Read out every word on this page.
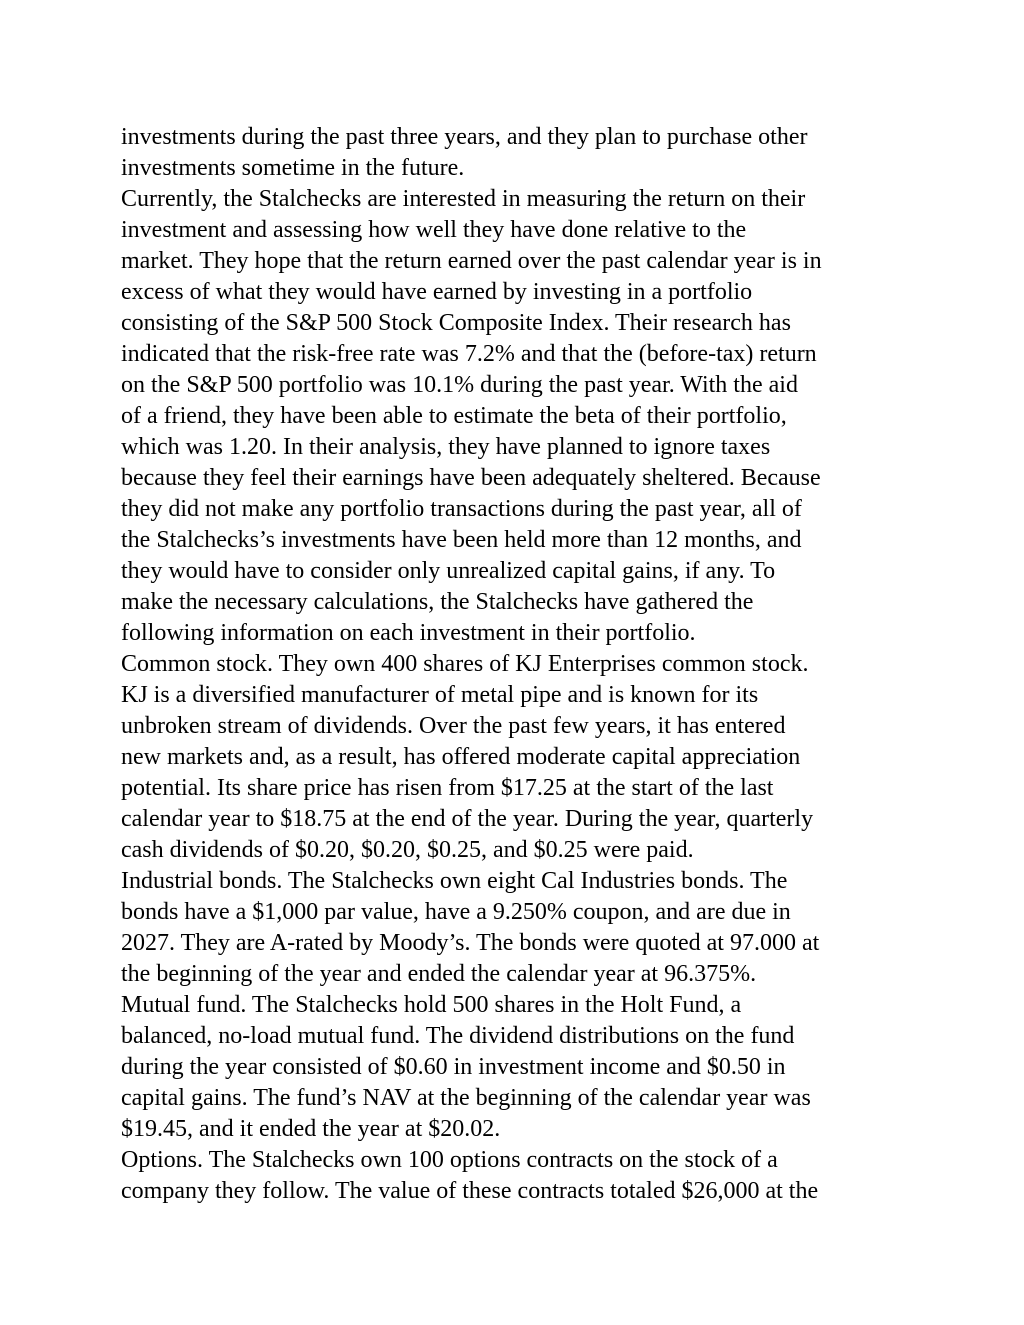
investments during the past three years, and they plan to purchase other
investments sometime in the future.
Currently, the Stalchecks are interested in measuring the return on their
investment and assessing how well they have done relative to the
market. They hope that the return earned over the past calendar year is in
excess of what they would have earned by investing in a portfolio
consisting of the S&P 500 Stock Composite Index. Their research has
indicated that the risk-free rate was 7.2% and that the (before-tax) return
on the S&P 500 portfolio was 10.1% during the past year. With the aid
of a friend, they have been able to estimate the beta of their portfolio,
which was 1.20. In their analysis, they have planned to ignore taxes
because they feel their earnings have been adequately sheltered. Because
they did not make any portfolio transactions during the past year, all of
the Stalchecks’s investments have been held more than 12 months, and
they would have to consider only unrealized capital gains, if any. To
make the necessary calculations, the Stalchecks have gathered the
following information on each investment in their portfolio.
Common stock. They own 400 shares of KJ Enterprises common stock.
KJ is a diversified manufacturer of metal pipe and is known for its
unbroken stream of dividends. Over the past few years, it has entered
new markets and, as a result, has offered moderate capital appreciation
potential. Its share price has risen from $17.25 at the start of the last
calendar year to $18.75 at the end of the year. During the year, quarterly
cash dividends of $0.20, $0.20, $0.25, and $0.25 were paid.
Industrial bonds. The Stalchecks own eight Cal Industries bonds. The
bonds have a $1,000 par value, have a 9.250% coupon, and are due in
2027. They are A-rated by Moody’s. The bonds were quoted at 97.000 at
the beginning of the year and ended the calendar year at 96.375%.
Mutual fund. The Stalchecks hold 500 shares in the Holt Fund, a
balanced, no-load mutual fund. The dividend distributions on the fund
during the year consisted of $0.60 in investment income and $0.50 in
capital gains. The fund’s NAV at the beginning of the calendar year was
$19.45, and it ended the year at $20.02.
Options. The Stalchecks own 100 options contracts on the stock of a
company they follow. The value of these contracts totaled $26,000 at the
